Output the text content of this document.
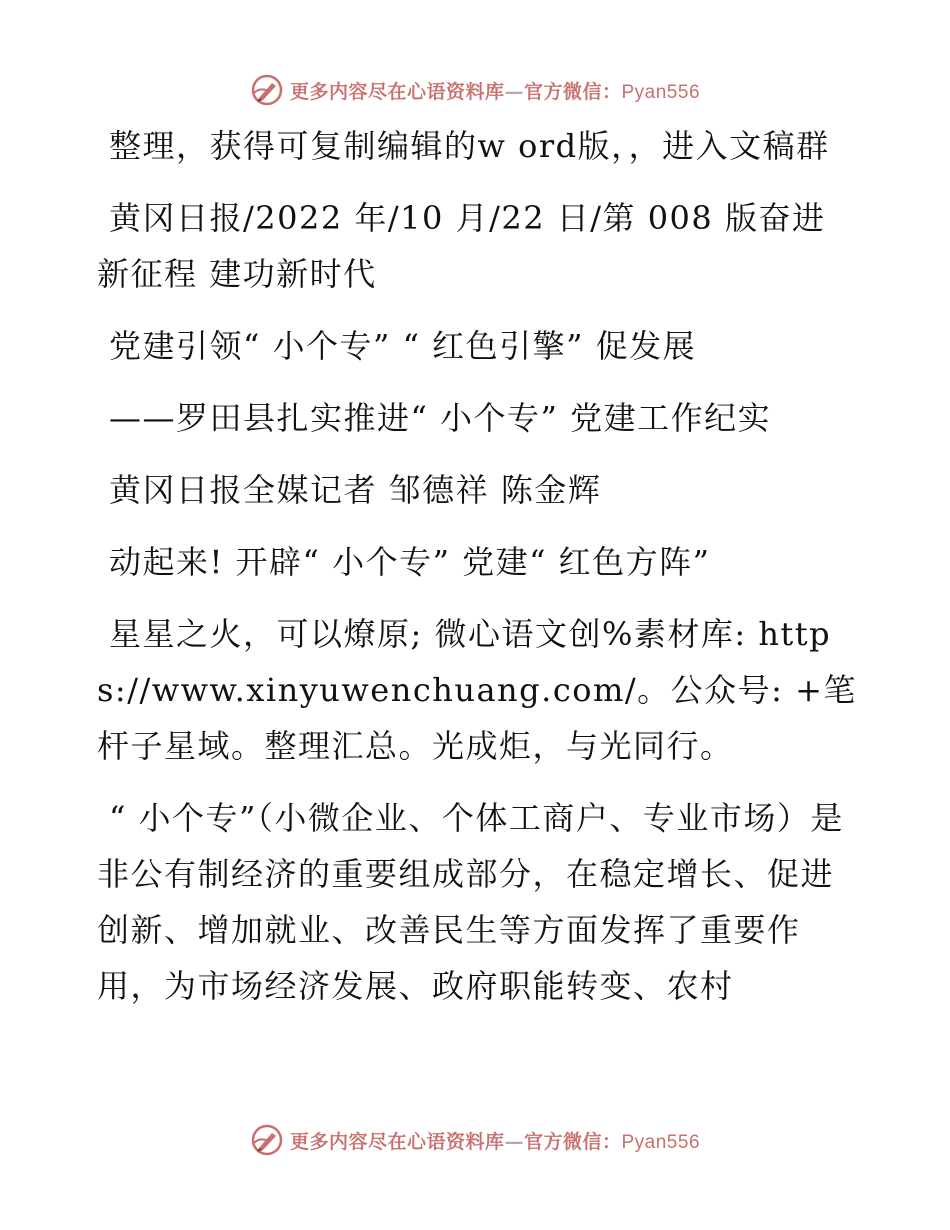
更多内容尽在心语资料库—官方微信：Pyan556

整理，获得可复制编辑的w ord版，，进入文稿群

黄冈日报/2022 年/10 月/22 日/第 008 版奋进新征程 建功新时代

党建引领“ 小个专” “ 红色引擎” 促发展

——罗田县扎实推进“ 小个专” 党建工作纪实

黄冈日报全媒记者 邹德祥 陈金辉

动起来! 开辟“ 小个专” 党建“ 红色方阵”

星星之火，可以燎原; 微心语文创%素材库: https://www.xinyuwenchuang.com/。公众号: +笔杆子星域。整理汇总。光成炬，与光同行。

“ 小个专”（小微企业、个体工商户、专业市场）是非公有制经济的重要组成部分，在稳定增长、促进创新、增加就业、改善民生等方面发挥了重要作用，为市场经济发展、政府职能转变、农村

更多内容尽在心语资料库—官方微信：Pyan556
